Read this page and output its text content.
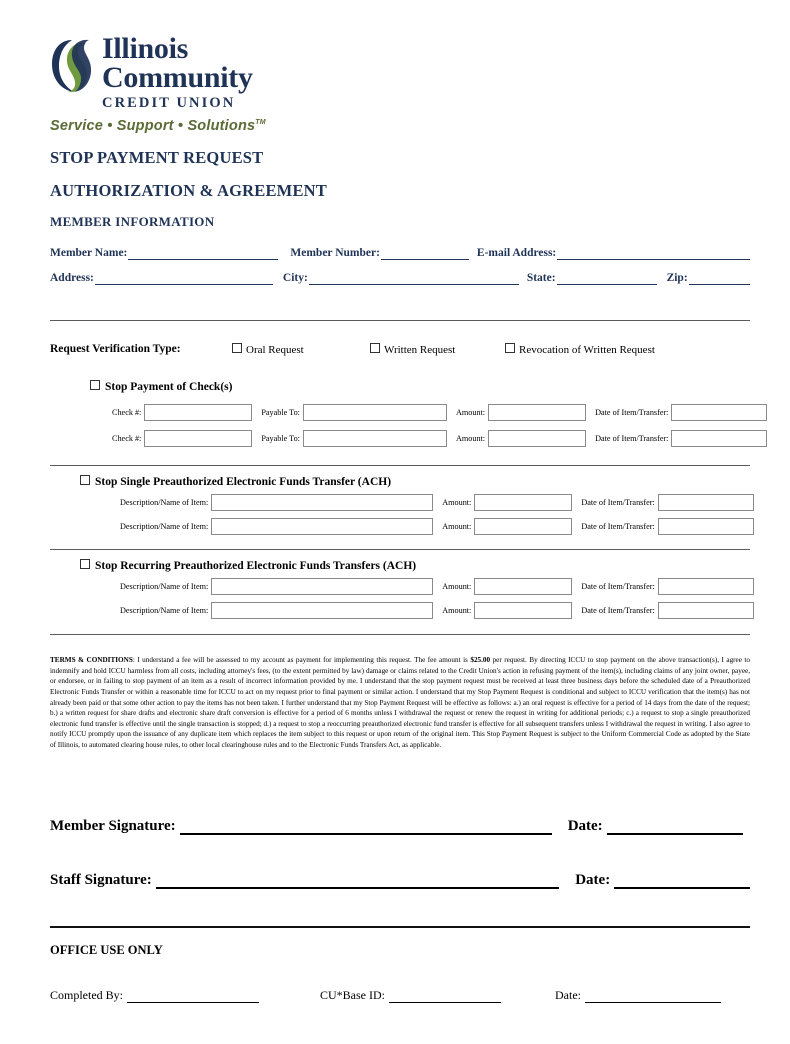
Illinois
Community
CREDIT UNION
Service • Support • Solutions™
STOP PAYMENT REQUEST
AUTHORIZATION & AGREEMENT
MEMBER INFORMATION
Member Name:	Member Number:	E-mail Address:
Address:	City:	State:	Zip:
Request Verification Type:	Oral Request	Written Request	Revocation of Written Request
Stop Payment of Check(s)
Check #:	Payable To:	Amount:	Date of Item/Transfer:
Check #:	Payable To:	Amount:	Date of Item/Transfer:
Stop Single Preauthorized Electronic Funds Transfer (ACH)
Description/Name of Item:	Amount:	Date of Item/Transfer:
Description/Name of Item:	Amount:	Date of Item/Transfer:
Stop Recurring Preauthorized Electronic Funds Transfers (ACH)
Description/Name of Item:	Amount:	Date of Item/Transfer:
Description/Name of Item:	Amount:	Date of Item/Transfer:

TERMS & CONDITIONS: I understand a fee will be assessed to my account as payment for implementing this request. The fee amount is $25.00 per request. By directing ICCU to stop payment on the above transaction(s), I agree to indemnify and hold ICCU harmless from all costs, including attorney's fees, (to the extent permitted by law) damage or claims related to the Credit Union's action in refusing payment of the item(s), including claims of any joint owner, payee, or endorsee, or in failing to stop payment of an item as a result of incorrect information provided by me. I understand that the stop payment request must be received at least three business days before the scheduled date of a Preauthorized Electronic Funds Transfer or within a reasonable time for ICCU to act on my request prior to final payment or similar action. I understand that my Stop Payment Request is conditional and subject to ICCU verification that the item(s) has not already been paid or that some other action to pay the items has not been taken. I further understand that my Stop Payment Request will be effective as follows: a.) an oral request is effective for a period of 14 days from the date of the request; b.) a written request for share drafts and electronic share draft conversion is effective for a period of 6 months unless I withdrawal the request or renew the request in writing for additional periods; c.) a request to stop a single preauthorized electronic fund transfer is effective until the single transaction is stopped; d.) a request to stop a reoccurring preauthorized electronic fund transfer is effective for all subsequent transfers unless I withdrawal the request in writing. I also agree to notify ICCU promptly upon the issuance of any duplicate item which replaces the item subject to this request or upon return of the original item. This Stop Payment Request is subject to the Uniform Commercial Code as adopted by the State of Illinois, to automated clearing house rules, to other local clearinghouse rules and to the Electronic Funds Transfers Act, as applicable.

Member Signature:	Date:
Staff Signature:	Date:
OFFICE USE ONLY
Completed By:	CU*Base ID:	Date:
